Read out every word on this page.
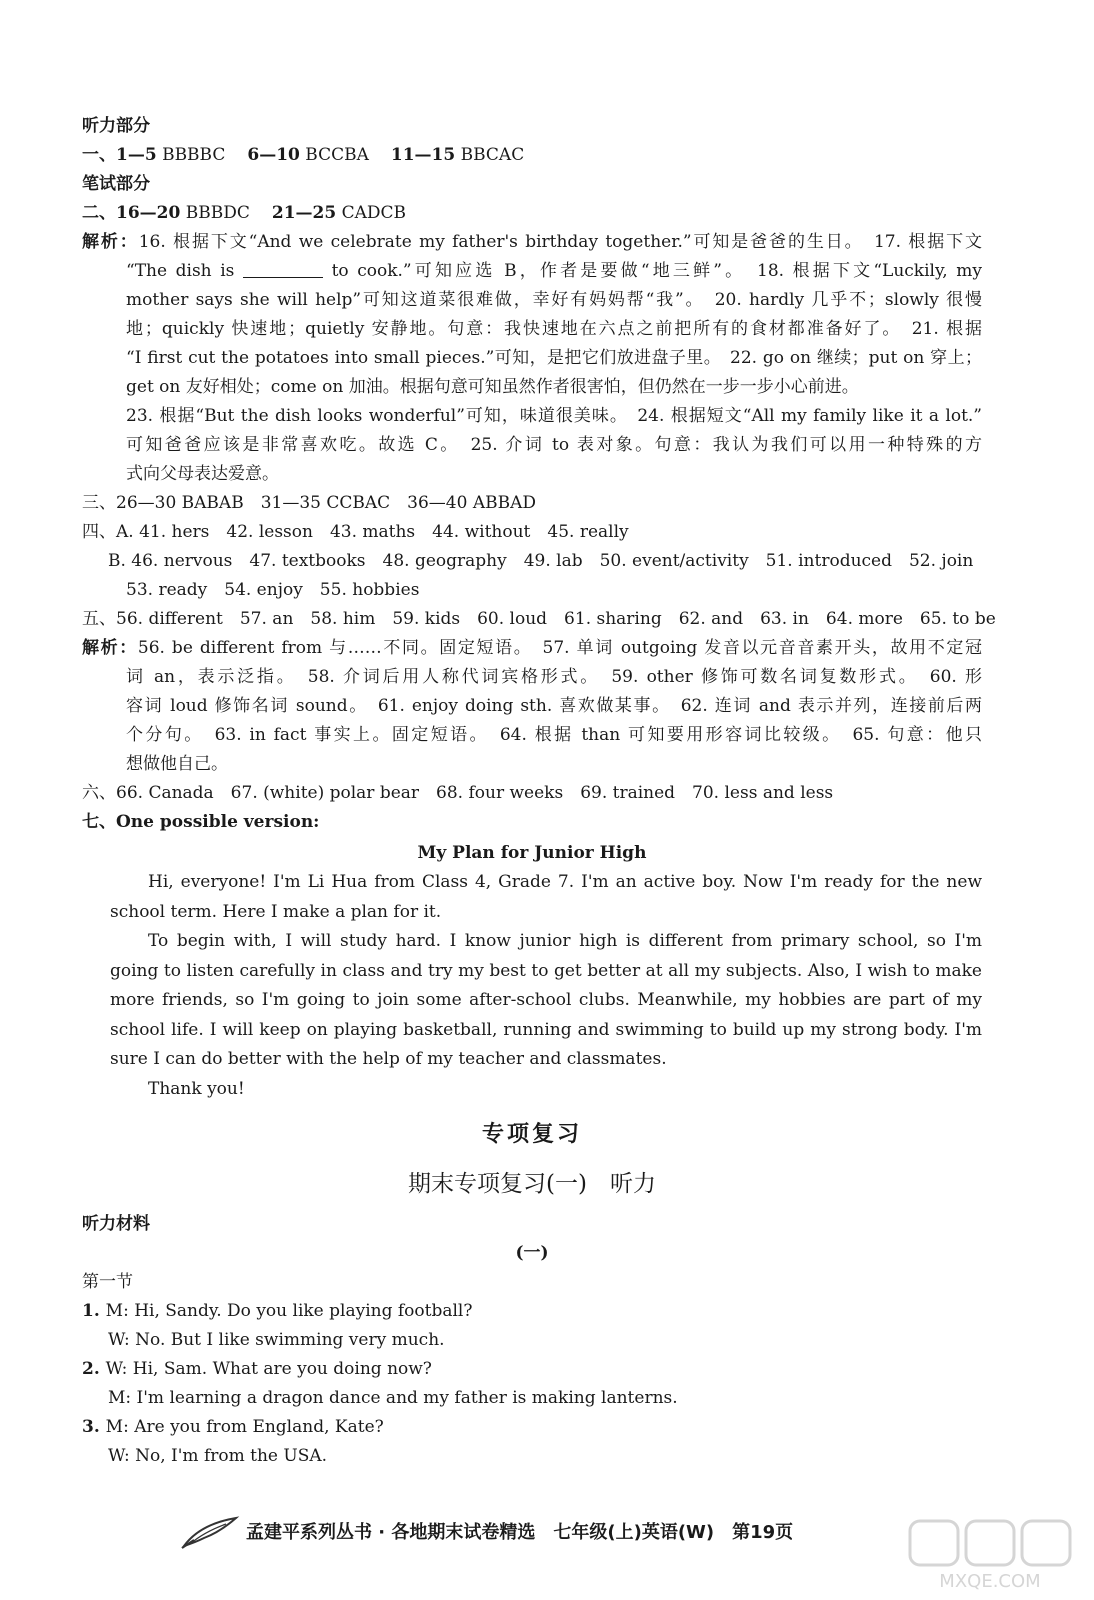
听力部分
一、1—5 BBBBC 6—10 BCCBA 11—15 BBCAC
笔试部分
二、16—20 BBBDC 21—25 CADCB
解析：16. 根据下文“And we celebrate my father's birthday together.”可知是爸爸的生日。　17. 根据下文
“The dish is	to cook.”可知应选 B，作者是要做“地三鲜”。　18. 根据下文“Luckily, my
mother says she will help”可知这道菜很难做，幸好有妈妈帮“我”。　20. hardly 几乎不；slowly 很慢
地；quickly 快速地；quietly 安静地。句意：我快速地在六点之前把所有的食材都准备好了。　21. 根据
“I first cut the potatoes into small pieces.”可知，是把它们放进盘子里。　22. go on 继续；put on 穿上；
get on 友好相处；come on 加油。根据句意可知虽然作者很害怕，但仍然在一步一步小心前进。
23. 根据“But the dish looks wonderful”可知，味道很美味。　24. 根据短文“All my family like it a lot.”
可知爸爸应该是非常喜欢吃。故选 C。　25. 介词 to 表对象。句意：我认为我们可以用一种特殊的方
式向父母表达爱意。
三、26—30 BABAB　31—35 CCBAC　36—40 ABBAD
四、A. 41. hers　42. lesson　43. maths　44. without　45. really
B. 46. nervous　47. textbooks　48. geography　49. lab　50. event/activity　51. introduced　52. join
53. ready　54. enjoy　55. hobbies
五、56. different　57. an　58. him　59. kids　60. loud　61. sharing　62. and　63. in　64. more　65. to be
解析：56. be different from 与……不同。固定短语。　57. 单词 outgoing 发音以元音音素开头，故用不定冠
词 an，表示泛指。　58. 介词后用人称代词宾格形式。　59. other 修饰可数名词复数形式。　60. 形
容词 loud 修饰名词 sound。　61. enjoy doing sth. 喜欢做某事。　62. 连词 and 表示并列，连接前后两
个分句。　63. in fact 事实上。固定短语。　64. 根据 than 可知要用形容词比较级。　65. 句意：他只
想做他自己。
六、66. Canada　67. (white) polar bear　68. four weeks　69. trained　70. less and less
七、One possible version:
My Plan for Junior High

Hi, everyone! I'm Li Hua from Class 4, Grade 7. I'm an active boy. Now I'm ready for the new school term. Here I make a plan for it.

To begin with, I will study hard. I know junior high is different from primary school, so I'm going to listen carefully in class and try my best to get better at all my subjects. Also, I wish to make more friends, so I'm going to join some after-school clubs. Meanwhile, my hobbies are part of my school life. I will keep on playing basketball, running and swimming to build up my strong body. I'm sure I can do better with the help of my teacher and classmates.

Thank you!

专项复习
期末专项复习(一)　听力
听力材料
(一)
第一节
1. M: Hi, Sandy. Do you like playing football?
W: No. But I like swimming very much.
2. W: Hi, Sam. What are you doing now?
M: I'm learning a dragon dance and my father is making lanterns.
3. M: Are you from England, Kate?
W: No, I'm from the USA.
孟建平系列丛书 · 各地期末试卷精选　七年级(上)英语(W)　第19页
MXQE.COM
